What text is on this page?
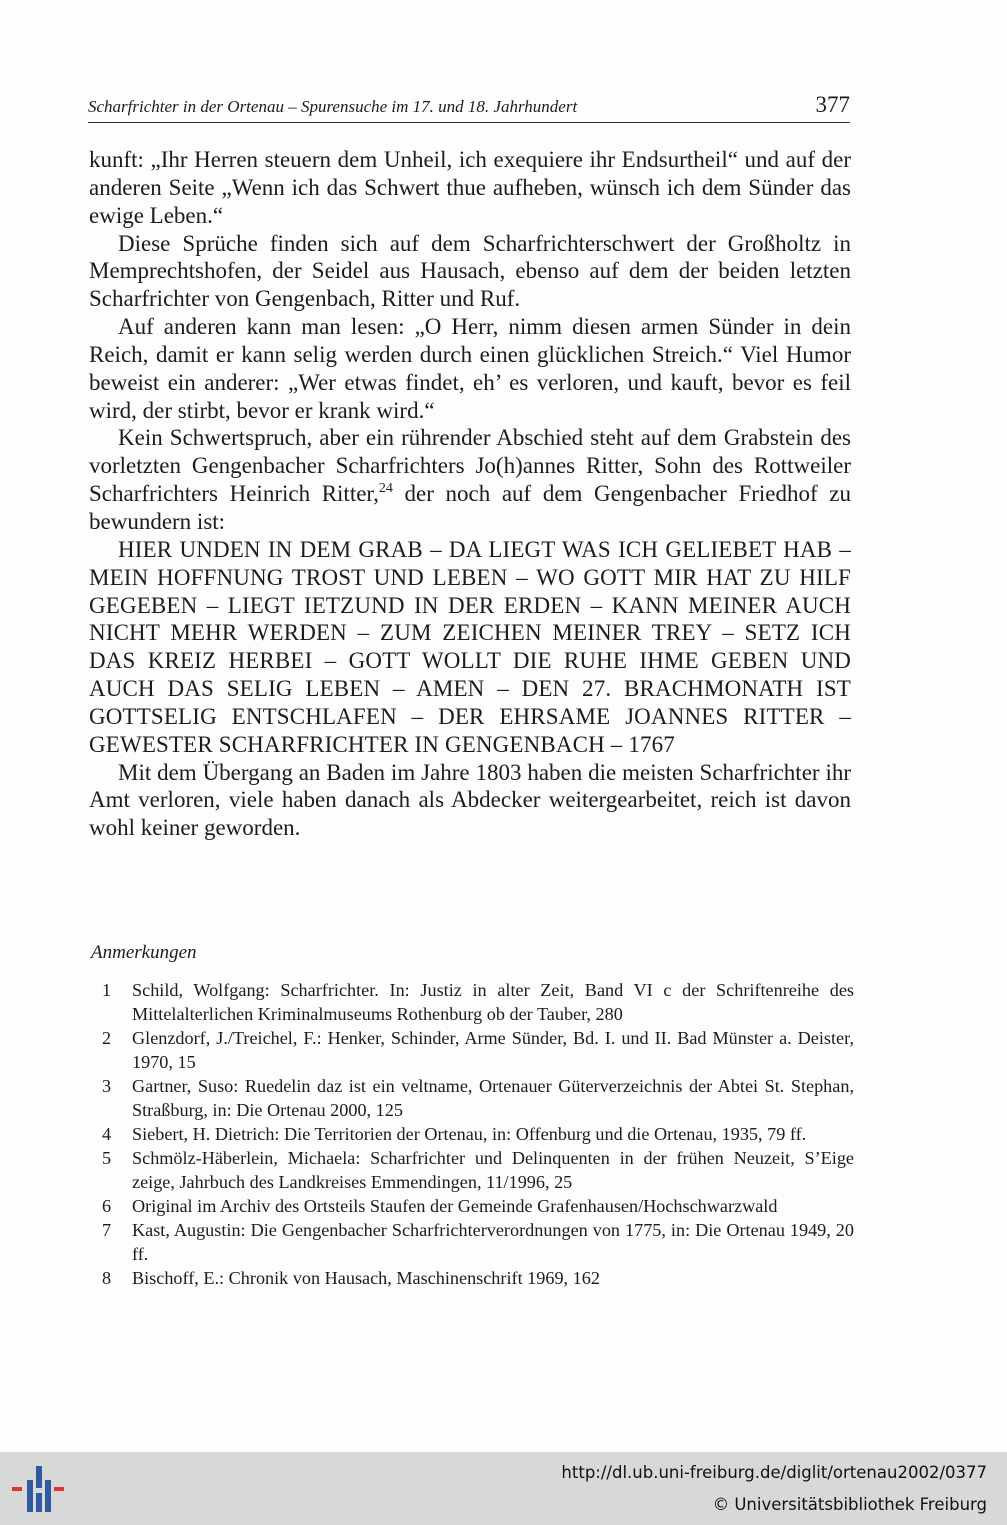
Scharfrichter in der Ortenau – Spurensuche im 17. und 18. Jahrhundert	377

kunft: „Ihr Herren steuern dem Unheil, ich exequiere ihr Endsurtheil“ und auf der anderen Seite „Wenn ich das Schwert thue aufheben, wünsch ich dem Sünder das ewige Leben.“

Diese Sprüche finden sich auf dem Scharfrichterschwert der Großholtz in Memprechtshofen, der Seidel aus Hausach, ebenso auf dem der beiden letzten Scharfrichter von Gengenbach, Ritter und Ruf.

Auf anderen kann man lesen: „O Herr, nimm diesen armen Sünder in dein Reich, damit er kann selig werden durch einen glücklichen Streich.“ Viel Humor beweist ein anderer: „Wer etwas findet, eh’ es verloren, und kauft, bevor es feil wird, der stirbt, bevor er krank wird.“

Kein Schwertspruch, aber ein rührender Abschied steht auf dem Grabstein des vorletzten Gengenbacher Scharfrichters Jo(h)annes Ritter, Sohn des Rottweiler Scharfrichters Heinrich Ritter,$^{24}$ der noch auf dem Gengenbacher Friedhof zu bewundern ist:

HIER UNDEN IN DEM GRAB – DA LIEGT WAS ICH GELIEBET HAB – MEIN HOFFNUNG TROST UND LEBEN – WO GOTT MIR HAT ZU HILF GEGEBEN – LIEGT IETZUND IN DER ERDEN – KANN MEINER AUCH NICHT MEHR WERDEN – ZUM ZEICHEN MEINER TREY – SETZ ICH DAS KREIZ HERBEI – GOTT WOLLT DIE RUHE IHME GEBEN UND AUCH DAS SELIG LEBEN – AMEN – DEN 27. BRACHMONATH IST GOTTSELIG ENTSCHLAFEN – DER EHRSAME JOANNES RITTER – GEWESTER SCHARFRICHTER IN GENGENBACH – 1767

Mit dem Übergang an Baden im Jahre 1803 haben die meisten Scharfrichter ihr Amt verloren, viele haben danach als Abdecker weitergearbeitet, reich ist davon wohl keiner geworden.

Anmerkungen
1 Schild, Wolfgang: Scharfrichter. In: Justiz in alter Zeit, Band VI c der Schriftenreihe des Mittelalterlichen Kriminalmuseums Rothenburg ob der Tauber, 280
2 Glenzdorf, J./Treichel, F.: Henker, Schinder, Arme Sünder, Bd. I. und II. Bad Münster a. Deister, 1970, 15
3 Gartner, Suso: Ruedelin daz ist ein veltname, Ortenauer Güterverzeichnis der Abtei St. Stephan, Straßburg, in: Die Ortenau 2000, 125
4 Siebert, H. Dietrich: Die Territorien der Ortenau, in: Offenburg und die Ortenau, 1935, 79 ff.
5 Schmölz-Häberlein, Michaela: Scharfrichter und Delinquenten in der frühen Neuzeit, S’Eige zeige, Jahrbuch des Landkreises Emmendingen, 11/1996, 25
6 Original im Archiv des Ortsteils Staufen der Gemeinde Grafenhausen/Hochschwarzwald
7 Kast, Augustin: Die Gengenbacher Scharfrichterverordnungen von 1775, in: Die Ortenau 1949, 20 ff.
8 Bischoff, E.: Chronik von Hausach, Maschinenschrift 1969, 162
http://dl.ub.uni-freiburg.de/diglit/ortenau2002/0377
© Universitätsbibliothek Freiburg
